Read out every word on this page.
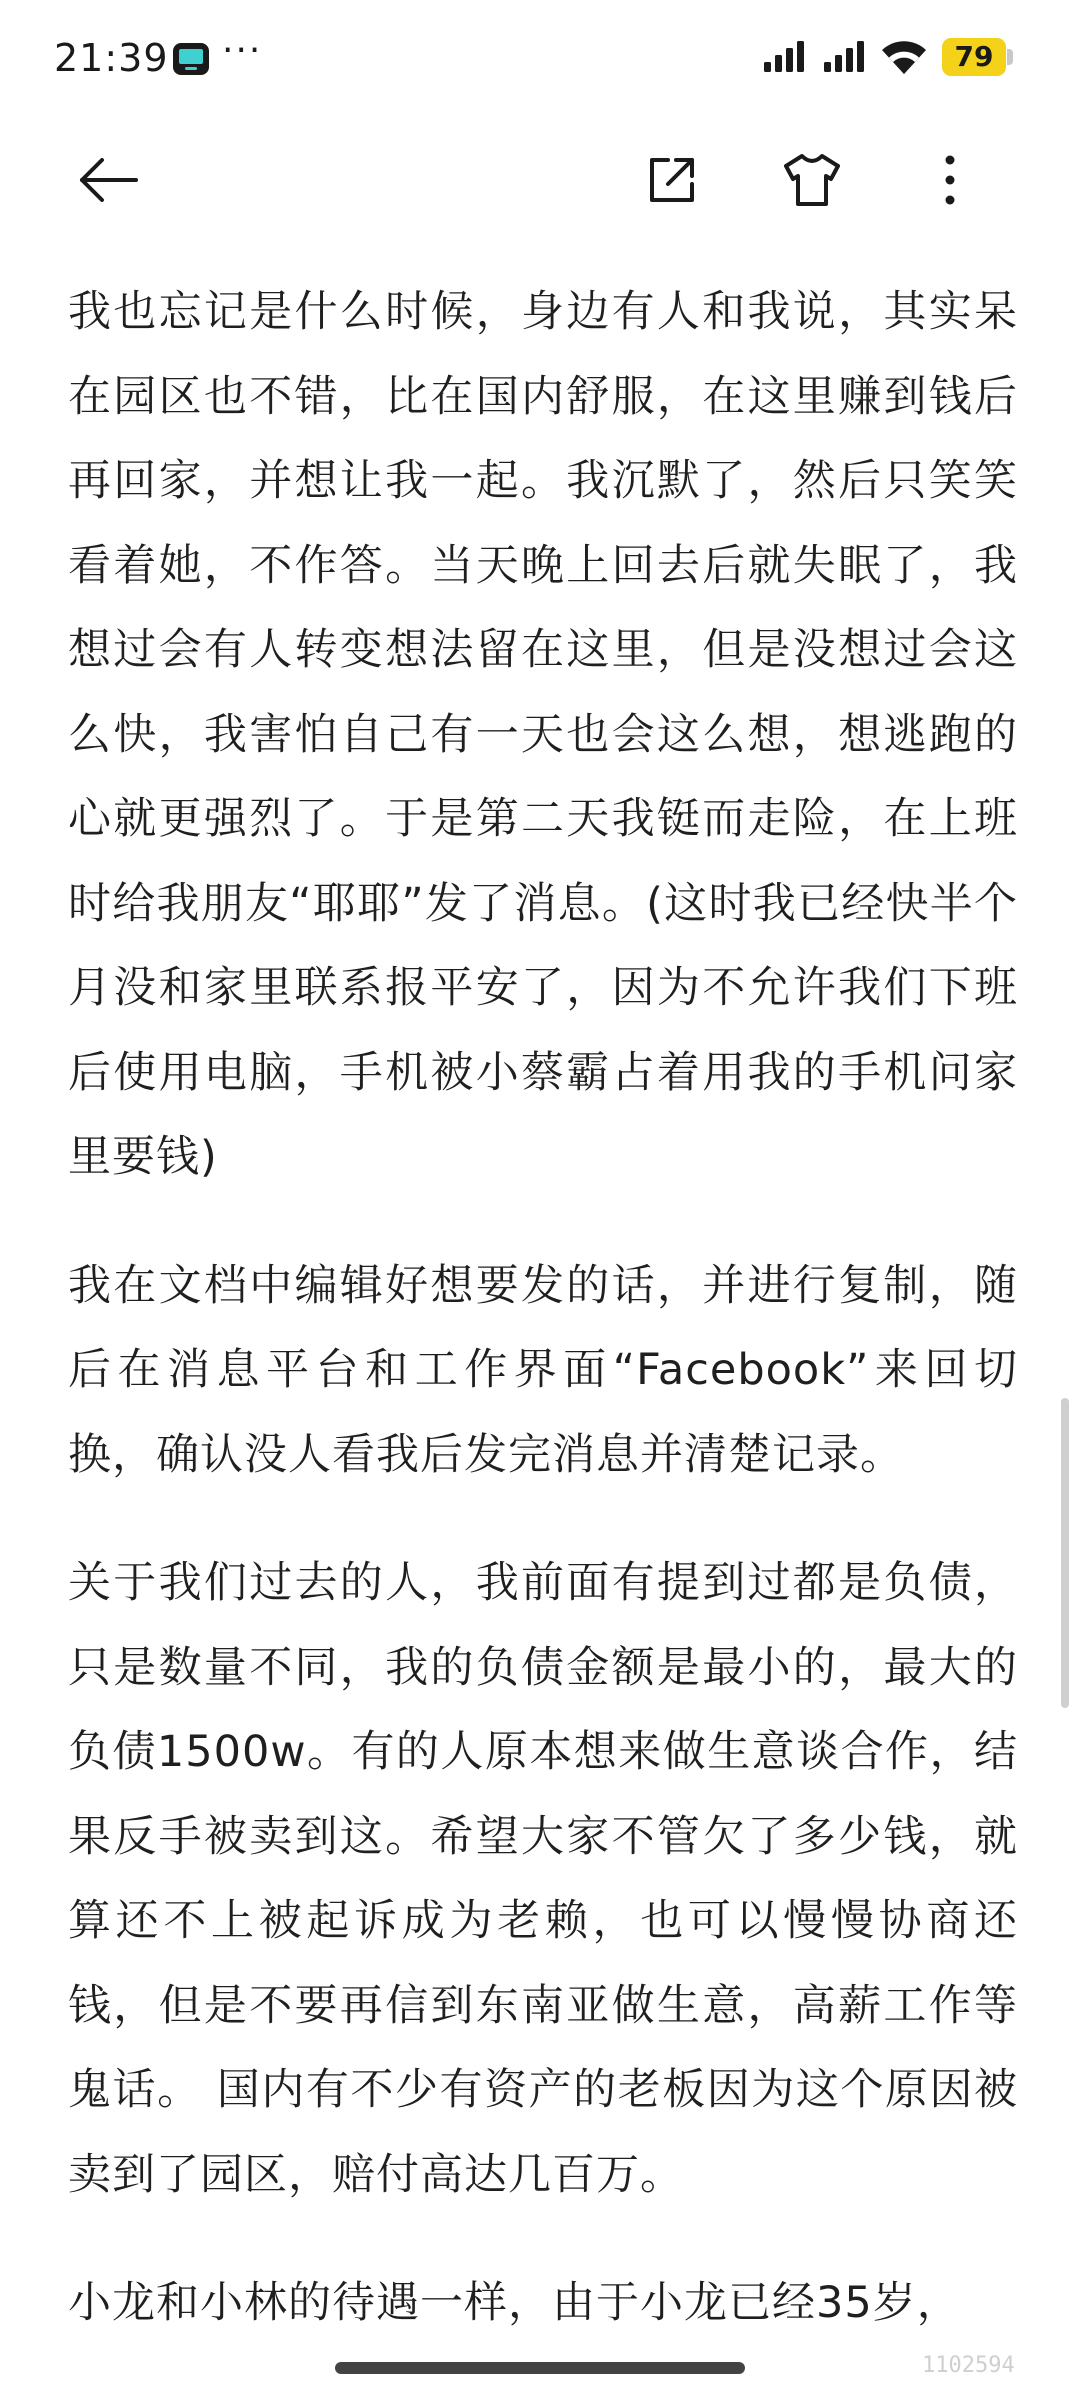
21:39 ···	79

我也忘记是什么时候，身边有人和我说，其实呆在园区也不错，比在国内舒服，在这里赚到钱后再回家，并想让我一起。我沉默了，然后只笑笑看着她，不作答。当天晚上回去后就失眠了，我想过会有人转变想法留在这里，但是没想过会这么快，我害怕自己有一天也会这么想，想逃跑的心就更强烈了。于是第二天我铤而走险，在上班时给我朋友“耶耶”发了消息。(这时我已经快半个月没和家里联系报平安了，因为不允许我们下班后使用电脑，手机被小蔡霸占着用我的手机问家里要钱)

我在文档中编辑好想要发的话，并进行复制，随后在消息平台和工作界面“Facebook”来回切换，确认没人看我后发完消息并清楚记录。

关于我们过去的人，我前面有提到过都是负债，只是数量不同，我的负债金额是最小的，最大的负债1500w。有的人原本想来做生意谈合作，结果反手被卖到这。希望大家不管欠了多少钱，就算还不上被起诉成为老赖，也可以慢慢协商还钱，但是不要再信到东南亚做生意，高薪工作等鬼话。 国内有不少有资产的老板因为这个原因被卖到了园区，赔付高达几百万。

小龙和小林的待遇一样，由于小龙已经35岁，

1102594
